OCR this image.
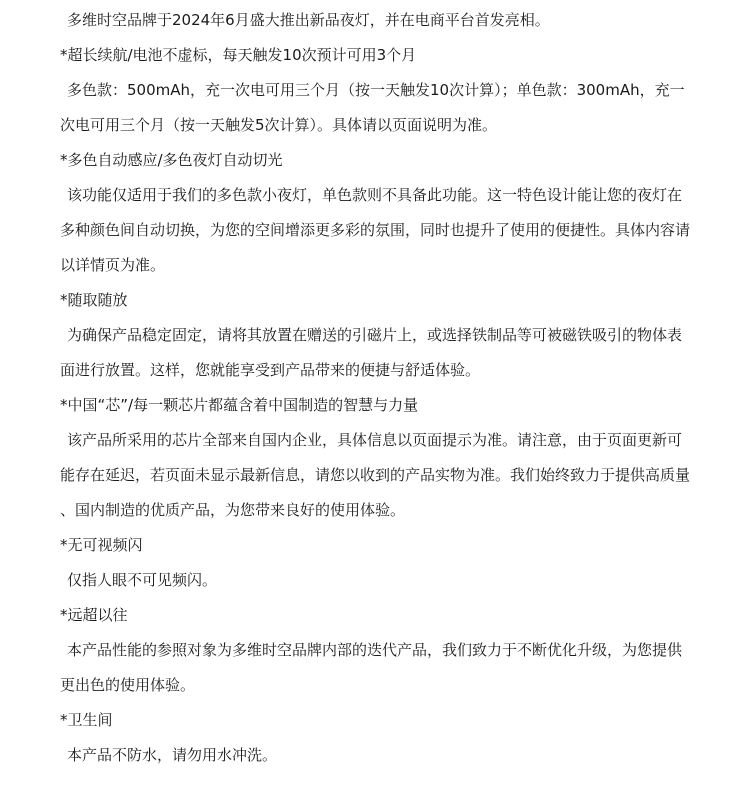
多维时空品牌于2024年6月盛大推出新品夜灯，并在电商平台首发亮相。
*超长续航/电池不虚标，每天触发10次预计可用3个月
多色款：500mAh，充一次电可用三个月（按一天触发10次计算）；单色款：300mAh，充一
次电可用三个月（按一天触发5次计算）。具体请以页面说明为准。
*多色自动感应/多色夜灯自动切光
该功能仅适用于我们的多色款小夜灯，单色款则不具备此功能。这一特色设计能让您的夜灯在
多种颜色间自动切换，为您的空间增添更多彩的氛围，同时也提升了使用的便捷性。具体内容请
以详情页为准。
*随取随放
为确保产品稳定固定，请将其放置在赠送的引磁片上，或选择铁制品等可被磁铁吸引的物体表
面进行放置。这样，您就能享受到产品带来的便捷与舒适体验。
*中国“芯”/每一颗芯片都蕴含着中国制造的智慧与力量
该产品所采用的芯片全部来自国内企业，具体信息以页面提示为准。请注意，由于页面更新可
能存在延迟，若页面未显示最新信息，请您以收到的产品实物为准。我们始终致力于提供高质量
、国内制造的优质产品，为您带来良好的使用体验。
*无可视频闪
仅指人眼不可见频闪。
*远超以往
本产品性能的参照对象为多维时空品牌内部的迭代产品，我们致力于不断优化升级，为您提供
更出色的使用体验。
*卫生间
本产品不防水，请勿用水冲洗。
